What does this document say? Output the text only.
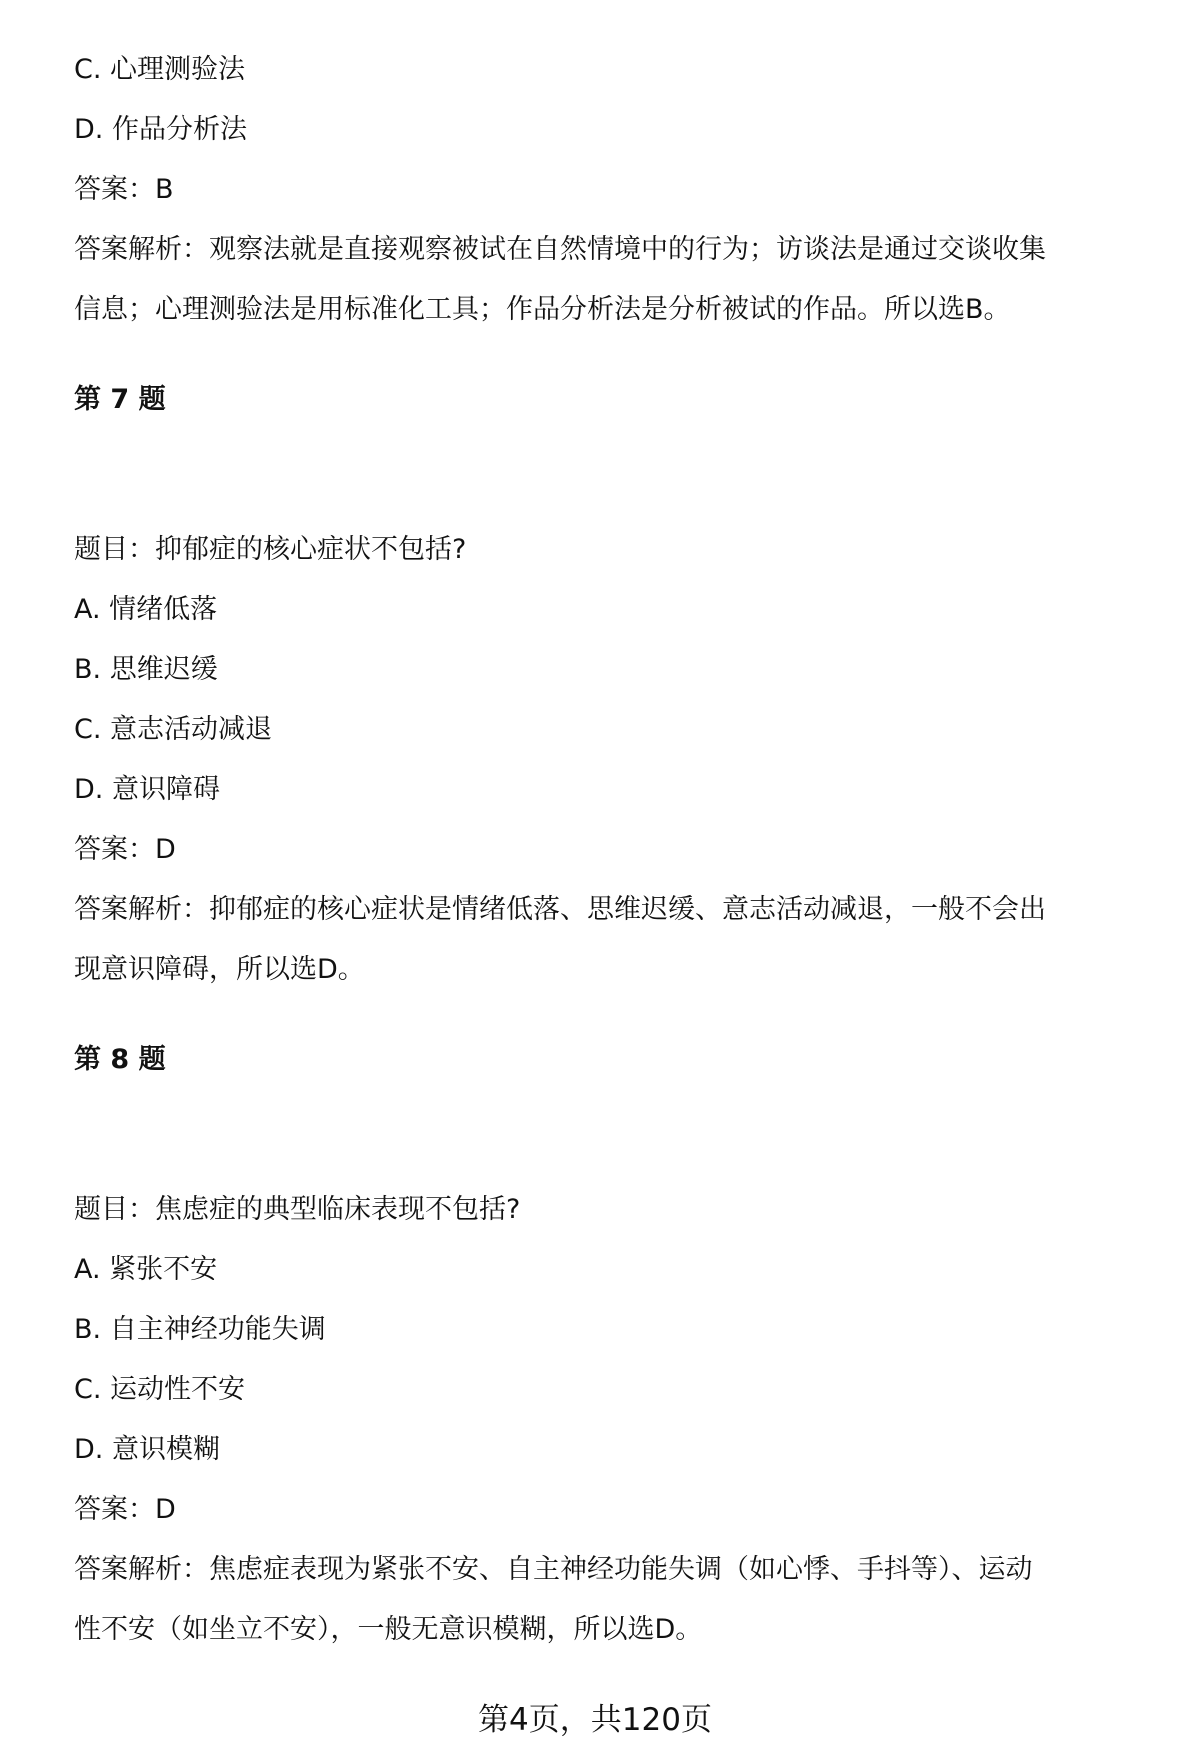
C. 心理测验法
D. 作品分析法
答案：B
答案解析：观察法就是直接观察被试在自然情境中的行为；访谈法是通过交谈收集
信息；心理测验法是用标准化工具；作品分析法是分析被试的作品。所以选B。
第 7 题
题目：抑郁症的核心症状不包括?
A. 情绪低落
B. 思维迟缓
C. 意志活动减退
D. 意识障碍
答案：D
答案解析：抑郁症的核心症状是情绪低落、思维迟缓、意志活动减退，一般不会出
现意识障碍，所以选D。
第 8 题
题目：焦虑症的典型临床表现不包括?
A. 紧张不安
B. 自主神经功能失调
C. 运动性不安
D. 意识模糊
答案：D
答案解析：焦虑症表现为紧张不安、自主神经功能失调（如心悸、手抖等）、运动
性不安（如坐立不安），一般无意识模糊，所以选D。
第4页，共120页
